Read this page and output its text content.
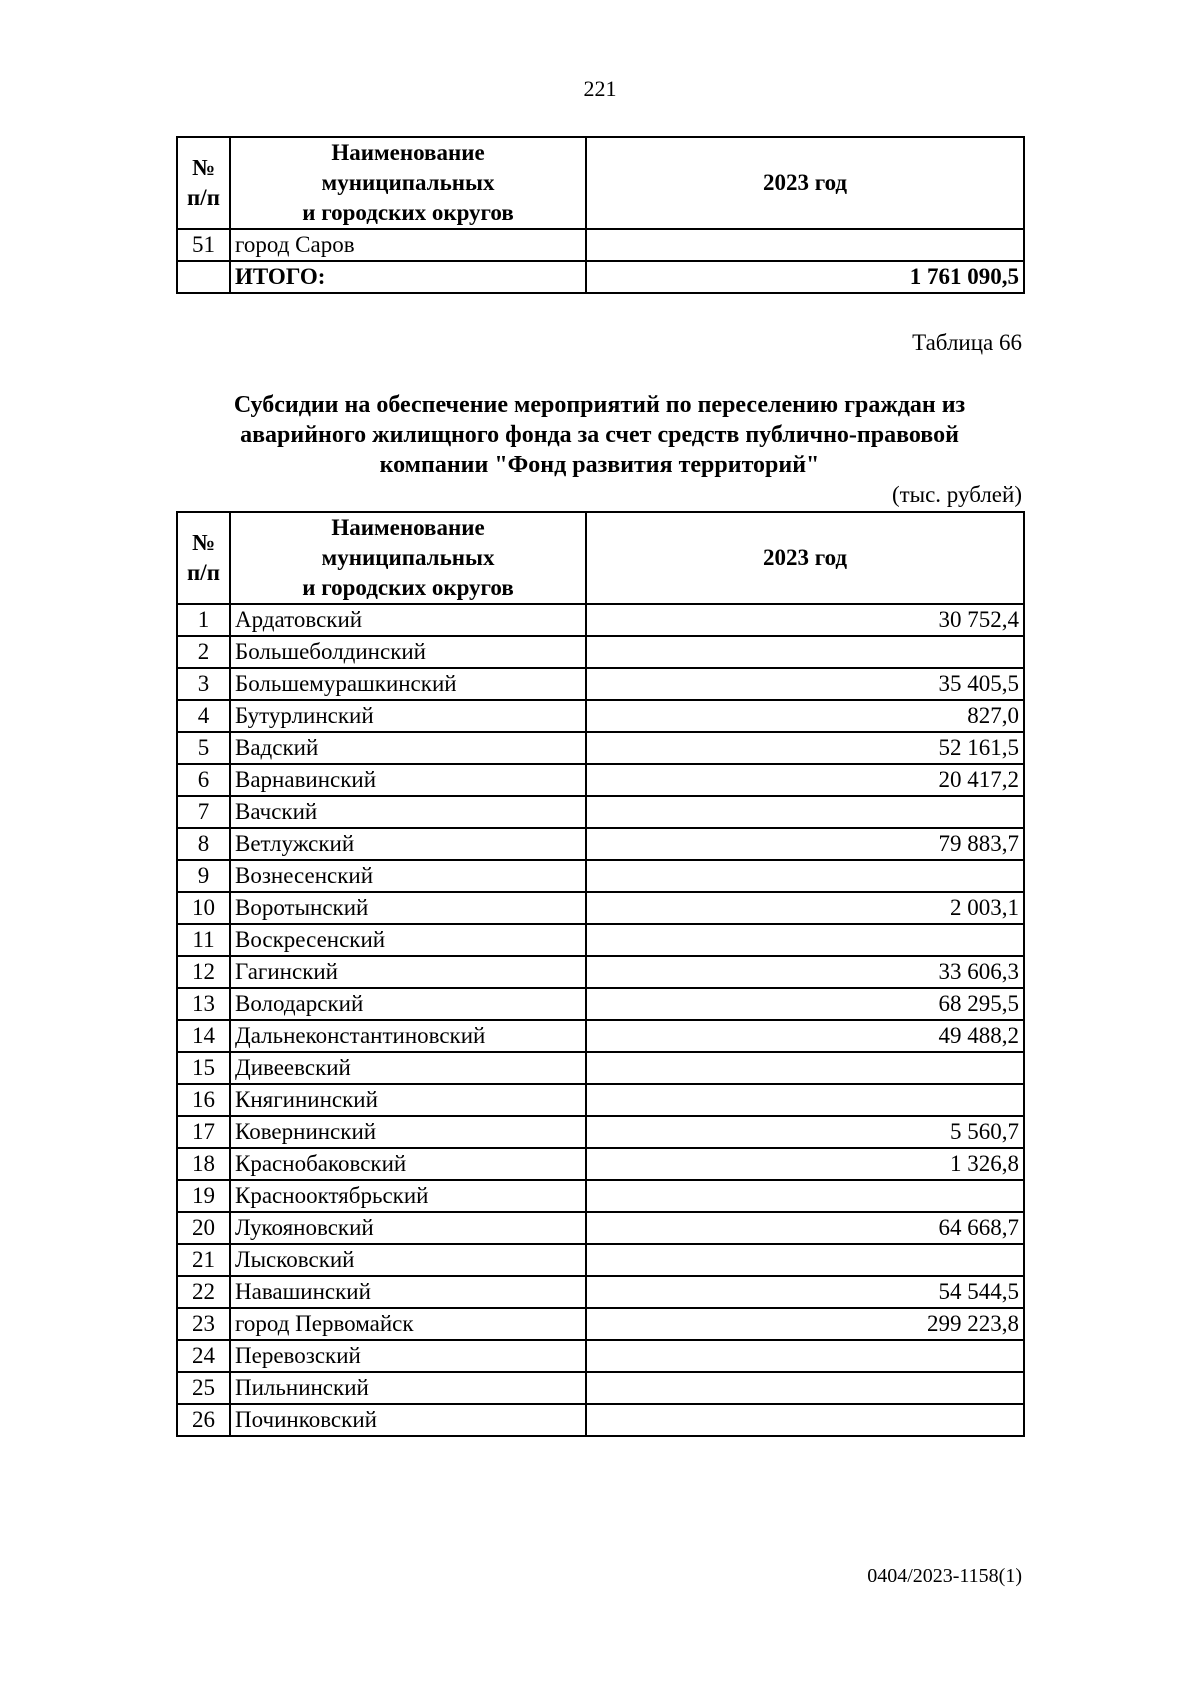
221
№
п/п

Наименование
муниципальных
и городских округов
	2023 год
51	город Саров	
	ИТОГО:	1 761 090,5
Таблица 66
Субсидии на обеспечение мероприятий по переселению граждан из
аварийного жилищного фонда за счет средств публично-правовой
компании "Фонд развития территорий"
(тыс. рублей)
№
п/п

Наименование
муниципальных
и городских округов
	2023 год
1	Ардатовский	30 752,4
2	Большеболдинский	
3	Большемурашкинский	35 405,5
4	Бутурлинский	827,0
5	Вадский	52 161,5
6	Варнавинский	20 417,2
7	Вачский	
8	Ветлужский	79 883,7
9	Вознесенский	
10	Воротынский	2 003,1
11	Воскресенский	
12	Гагинский	33 606,3
13	Володарский	68 295,5
14	Дальнеконстантиновский	49 488,2
15	Дивеевский	
16	Княгининский	
17	Ковернинский	5 560,7
18	Краснобаковский	1 326,8
19	Краснооктябрьский	
20	Лукояновский	64 668,7
21	Лысковский	
22	Навашинский	54 544,5
23	город Первомайск	299 223,8
24	Перевозский	
25	Пильнинский	
26	Починковский	
0404/2023-1158(1)
